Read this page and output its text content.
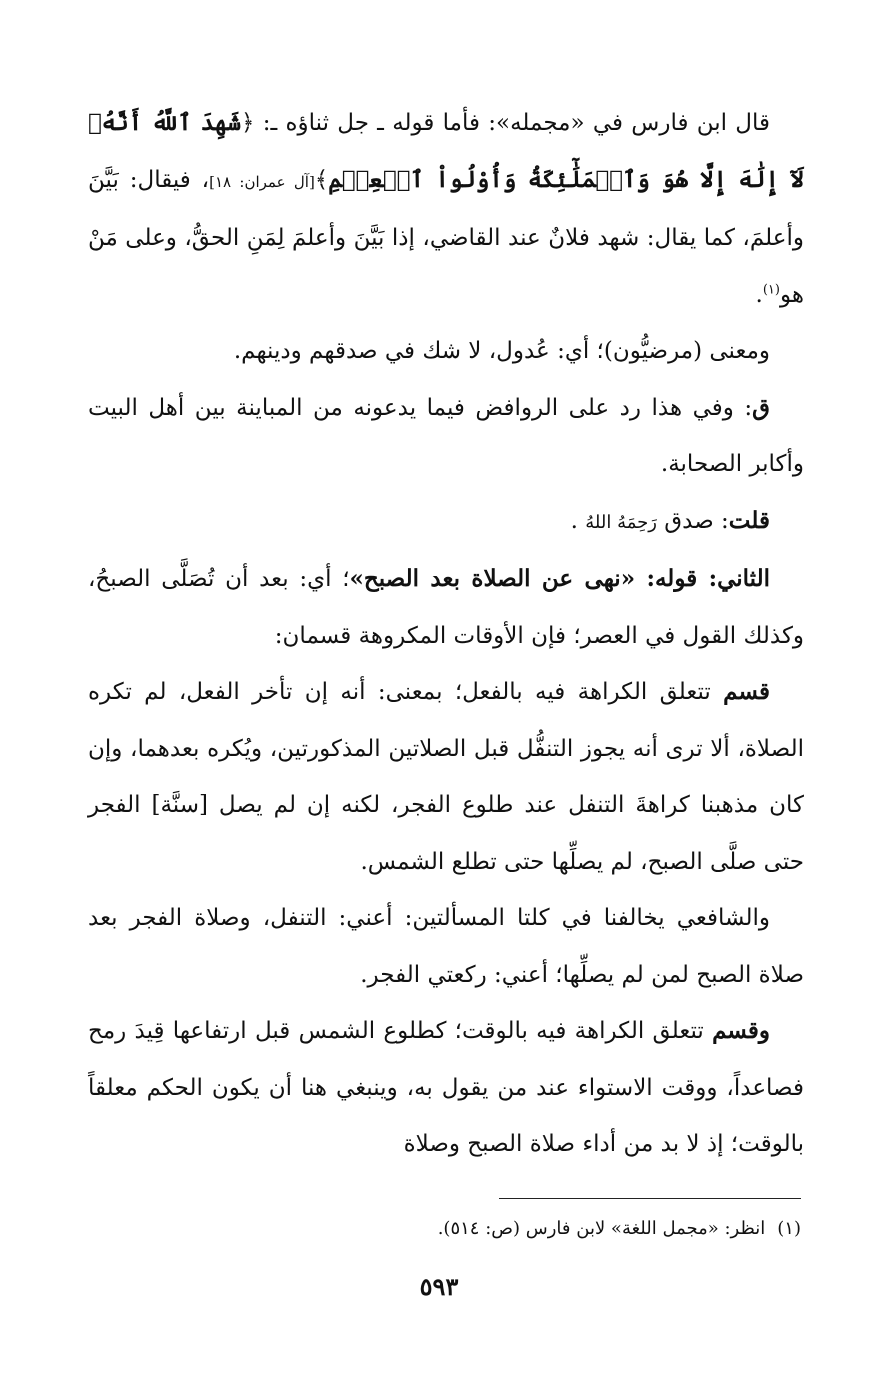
قال ابن فارس في «مجمله»: فأما قوله ـ جل ثناؤه ـ: ﴿شَهِدَ ٱللَّهُ أَنَّهُۥ لَآ إِلَٰهَ إِلَّا هُوَ وَٱلۡمَلَٰٓئِكَةُ وَأُوْلُواْ ٱلۡعِلۡمِ﴾[آل عمران: ١٨]، فيقال: بَيَّنَ وأعلمَ، كما يقال: شهد فلانٌ عند القاضي، إذا بَيَّنَ وأعلمَ لِمَنِ الحقُّ، وعلى مَنْ هو$^{(١)}$.

ومعنى (مرضيُّون)؛ أي: عُدول، لا شك في صدقهم ودينهم.

ق: وفي هذا رد على الروافض فيما يدعونه من المباينة بين أهل البيت وأكابر الصحابة.

قلت: صدق رَحِمَهُ اللهُ .

الثاني: قوله: «نهى عن الصلاة بعد الصبح»؛ أي: بعد أن تُصَلَّى الصبحُ، وكذلك القول في العصر؛ فإن الأوقات المكروهة قسمان:

قسم تتعلق الكراهة فيه بالفعل؛ بمعنى: أنه إن تأخر الفعل، لم تكره الصلاة، ألا ترى أنه يجوز التنفُّل قبل الصلاتين المذكورتين، ويُكره بعدهما، وإن كان مذهبنا كراهةَ التنفل عند طلوع الفجر، لكنه إن لم يصل [سنَّة] الفجر حتى صلَّى الصبح، لم يصلِّها حتى تطلع الشمس.

والشافعي يخالفنا في كلتا المسألتين: أعني: التنفل، وصلاة الفجر بعد صلاة الصبح لمن لم يصلِّها؛ أعني: ركعتي الفجر.

وقسم تتعلق الكراهة فيه بالوقت؛ كطلوع الشمس قبل ارتفاعها قِيدَ رمح فصاعداً، ووقت الاستواء عند من يقول به، وينبغي هنا أن يكون الحكم معلقاً بالوقت؛ إذ لا بد من أداء صلاة الصبح وصلاة

(١)انظر: «مجمل اللغة» لابن فارس (ص: ٥١٤).
٥٩٣
